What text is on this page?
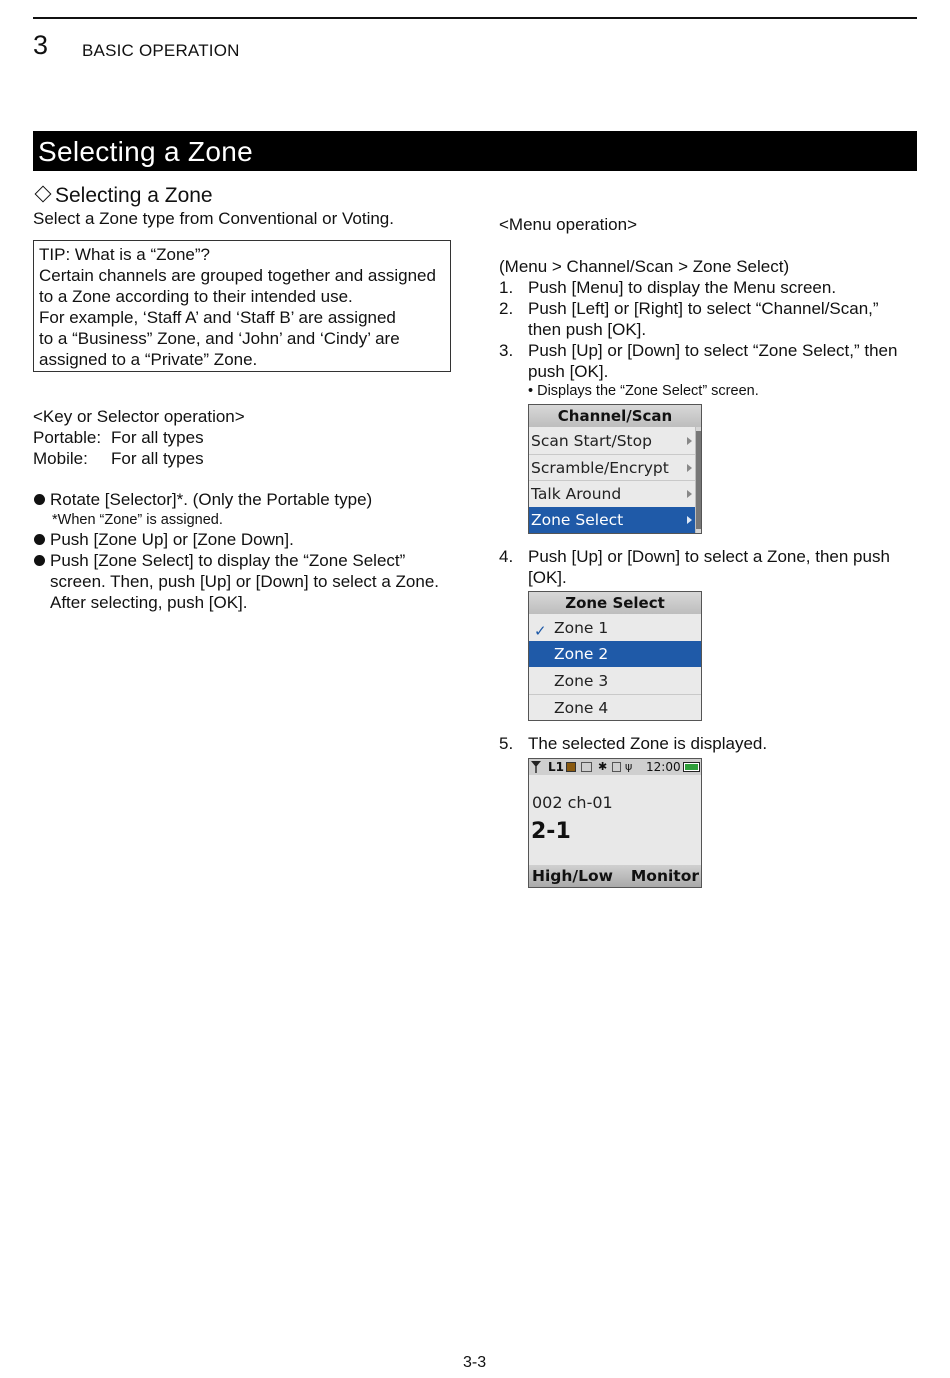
3 BASIC OPERATION
Selecting a Zone
Selecting a Zone
Select a Zone type from Conventional or Voting.
TIP: What is a “Zone”?
Certain channels are grouped together and assigned
to a Zone according to their intended use.
For example, ‘Staff A’ and ‘Staff B’ are assigned
to a “Business” Zone, and ‘John’ and ‘Cindy’ are
assigned to a “Private” Zone.
<Key or Selector operation>
Portable: For all types
Mobile: For all types
Rotate [Selector]*. (Only the Portable type)
*When “Zone” is assigned.
Push [Zone Up] or [Zone Down].
Push [Zone Select] to display the “Zone Select”
screen. Then, push [Up] or [Down] to select a Zone.
After selecting, push [OK].
<Menu operation>
(Menu > Channel/Scan > Zone Select)
1. Push [Menu] to display the Menu screen.
2. Push [Left] or [Right] to select “Channel/Scan,”
then push [OK].
3. Push [Up] or [Down] to select “Zone Select,” then
push [OK].
• Displays the “Zone Select” screen.
Channel/Scan
Scan Start/Stop
Scramble/Encrypt
Talk Around
Zone Select
4. Push [Up] or [Down] to select a Zone, then push
[OK].
Zone Select
✓ Zone 1
Zone 2
Zone 3
Zone 4
5. The selected Zone is displayed.
L1	✱ ψ 12:00
002 ch-01
2-1
High/Low Monitor
3-3
